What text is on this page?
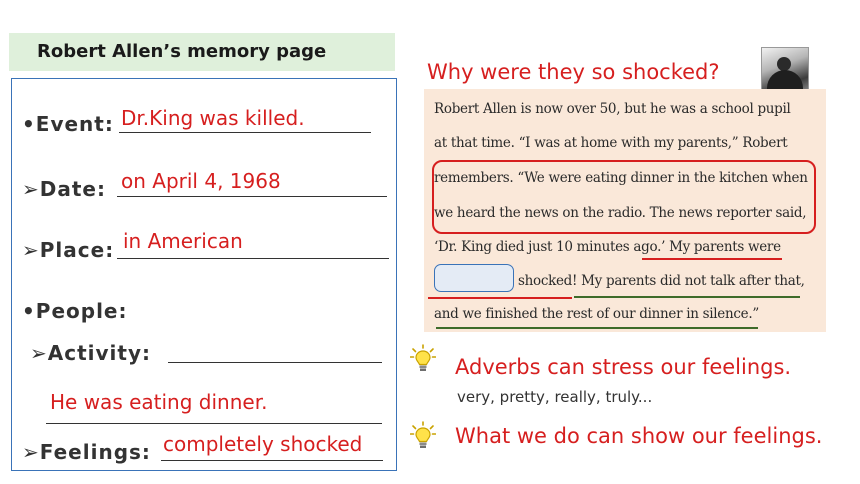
Robert Allen’s memory page
•Event: Dr.King was killed.
➢Date: on April 4, 1968
➢Place: in American
•People:
➢Activity:
He was eating dinner.
➢Feelings: completely shocked
Why were they so shocked?
Robert Allen is now over 50, but he was a school pupil
at that time. “I was at home with my parents,” Robert
remembers. “We were eating dinner in the kitchen when
we heard the news on the radio. The news reporter said,
‘Dr. King died just 10 minutes ago.’ My parents were
shocked! My parents did not talk after that,
and we finished the rest of our dinner in silence.”
Adverbs can stress our feelings.
very, pretty, really, truly...
What we do can show our feelings.
